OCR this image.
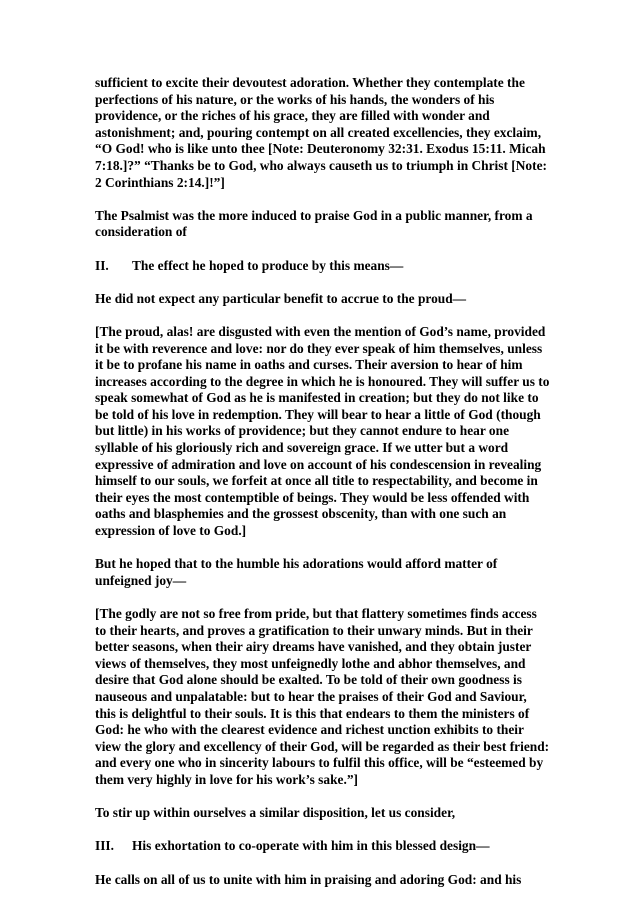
sufficient to excite their devoutest adoration. Whether they contemplate the perfections of his nature, or the works of his hands, the wonders of his providence, or the riches of his grace, they are filled with wonder and astonishment; and, pouring contempt on all created excellencies, they exclaim, “O God! who is like unto thee [Note: Deuteronomy 32:31. Exodus 15:11. Micah 7:18.]?” “Thanks be to God, who always causeth us to triumph in Christ [Note: 2 Corinthians 2:14.]!”]

The Psalmist was the more induced to praise God in a public manner, from a consideration of

II.	The effect he hoped to produce by this means—

He did not expect any particular benefit to accrue to the proud—

[The proud, alas! are disgusted with even the mention of God’s name, provided it be with reverence and love: nor do they ever speak of him themselves, unless it be to profane his name in oaths and curses. Their aversion to hear of him increases according to the degree in which he is honoured. They will suffer us to speak somewhat of God as he is manifested in creation; but they do not like to be told of his love in redemption. They will bear to hear a little of God (though but little) in his works of providence; but they cannot endure to hear one syllable of his gloriously rich and sovereign grace. If we utter but a word expressive of admiration and love on account of his condescension in revealing himself to our souls, we forfeit at once all title to respectability, and become in their eyes the most contemptible of beings. They would be less offended with oaths and blasphemies and the grossest obscenity, than with one such an expression of love to God.]

But he hoped that to the humble his adorations would afford matter of unfeigned joy—

[The godly are not so free from pride, but that flattery sometimes finds access to their hearts, and proves a gratification to their unwary minds. But in their better seasons, when their airy dreams have vanished, and they obtain juster views of themselves, they most unfeignedly lothe and abhor themselves, and desire that God alone should be exalted. To be told of their own goodness is nauseous and unpalatable: but to hear the praises of their God and Saviour, this is delightful to their souls. It is this that endears to them the ministers of God: he who with the clearest evidence and richest unction exhibits to their view the glory and excellency of their God, will be regarded as their best friend: and every one who in sincerity labours to fulfil this office, will be “esteemed by them very highly in love for his work’s sake.”]

To stir up within ourselves a similar disposition, let us consider,

III.	His exhortation to co-operate with him in this blessed design—

He calls on all of us to unite with him in praising and adoring God: and his
